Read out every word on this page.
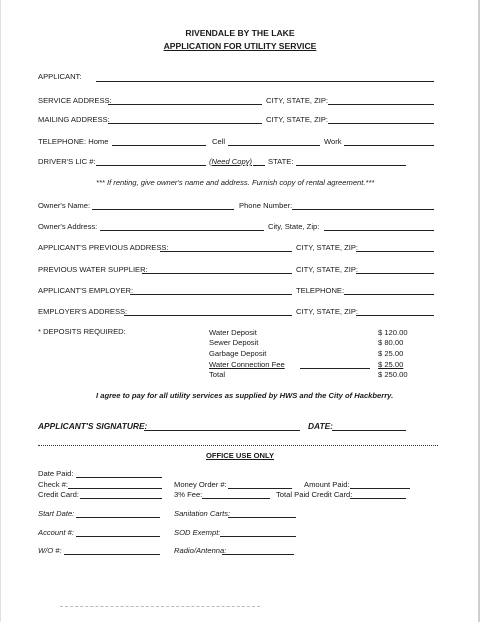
RIVENDALE BY THE LAKE
APPLICATION FOR UTILITY SERVICE
APPLICANT:
SERVICE ADDRESS:	CITY, STATE, ZIP:
MAILING ADDRESS:	CITY, STATE, ZIP:
TELEPHONE: Home	Cell	Work
DRIVER'S LIC #:	(Need Copy) STATE:
*** If renting, give owner's name and address. Furnish copy of rental agreement.***
Owner's Name:	Phone Number:
Owner's Address:	City, State, Zip:
APPLICANT'S PREVIOUS ADDRESS:	CITY, STATE, ZIP:
PREVIOUS WATER SUPPLIER:	CITY, STATE, ZIP:
APPLICANT'S EMPLOYER:	TELEPHONE:
EMPLOYER'S ADDRESS:	CITY, STATE, ZIP:
* DEPOSITS REQUIRED:	Water Deposit	$ 120.00
Sewer Deposit	$ 80.00
Garbage Deposit	$ 25.00
Water Connection Fee	$ 25.00
Total	$ 250.00
I agree to pay for all utility services as supplied by HWS and the City of Hackberry.
APPLICANT'S SIGNATURE:	DATE:
OFFICE USE ONLY
Date Paid:
Check #:	Money Order #:	Amount Paid:
Credit Card:	3% Fee:	Total Paid Credit Card:
Start Date:	Sanitation Carts:
Account #:	SOD Exempt:
W/O #:	Radio/Antenna:
